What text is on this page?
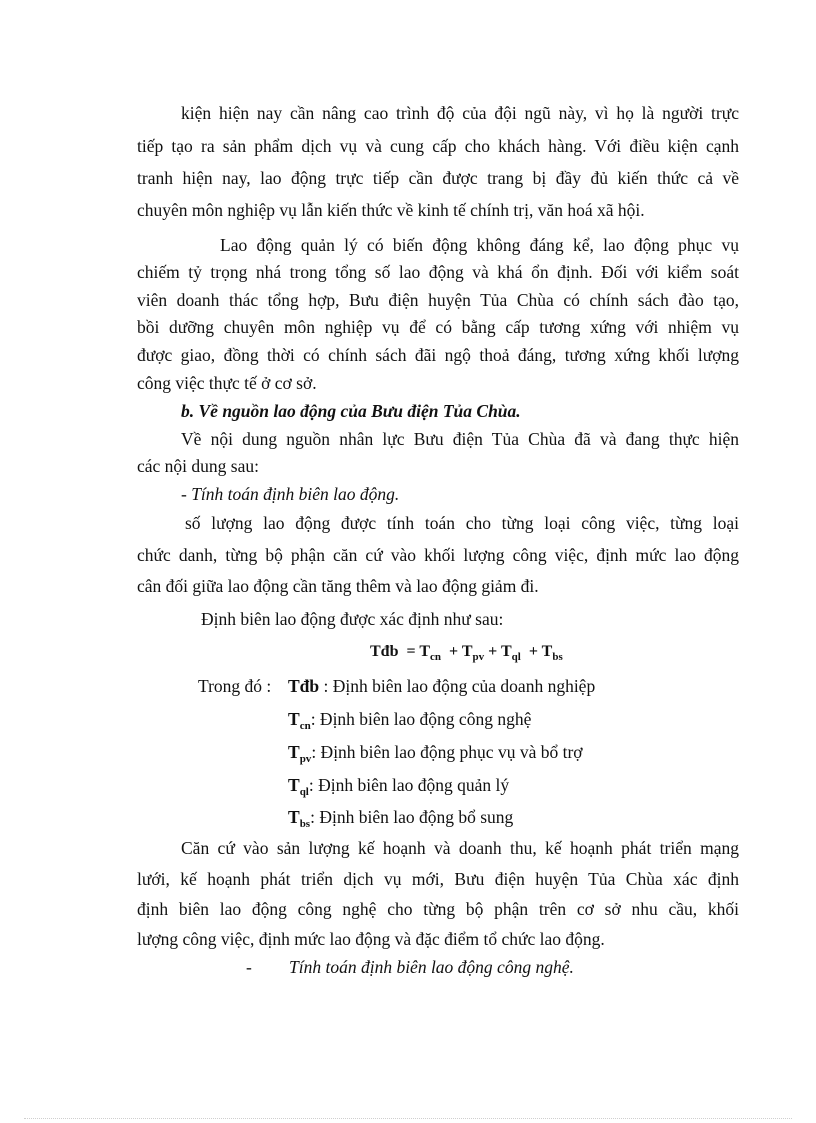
kiện hiện nay cần nâng cao trình độ của đội ngũ này, vì họ là người trực
tiếp tạo ra sản phẩm dịch vụ và cung cấp cho khách hàng. Với điều kiện cạnh
tranh hiện nay, lao động trực tiếp cần được trang bị đầy đủ kiến thức cả về
chuyên môn nghiệp vụ lẫn kiến thức về kinh tế chính trị, văn hoá xã hội.
Lao động quản lý có biến động không đáng kể, lao động phục vụ
chiếm tỷ trọng nhá trong tổng số lao động và khá ổn định. Đối với kiểm soát
viên doanh thác tổng hợp, Bưu điện huyện Tủa Chùa có chính sách đào tạo,
bồi dưỡng chuyên môn nghiệp vụ để có bằng cấp tương xứng với nhiệm vụ
được giao, đồng thời có chính sách đãi ngộ thoả đáng, tương xứng khối lượng
công việc thực tế ở cơ sở.
b. Về nguồn lao động của Bưu điện Tủa Chùa.
Về nội dung nguồn nhân lực Bưu điện Tủa Chùa đã và đang thực hiện
các nội dung sau:
- Tính toán định biên lao động.
số lượng lao động được tính toán cho từng loại công việc, từng loại
chức danh, từng bộ phận căn cứ vào khối lượng công việc, định mức lao động
cân đối giữa lao động cần tăng thêm và lao động giảm đi.
Định biên lao động được xác định như sau:
Tđb = $T_{cn} + T_{pv} + T_{ql} + T_{bs}$
Trong đó : Tđb : Định biên lao động của doanh nghiệp
$T_{cn}$: Định biên lao động công nghệ
$T_{pv}$: Định biên lao động phục vụ và bổ trợ
$T_{ql}$: Định biên lao động quản lý
$T_{bs}$: Định biên lao động bổ sung
Căn cứ vào sản lượng kế hoạnh và doanh thu, kế hoạnh phát triển mạng
lưới, kế hoạnh phát triển dịch vụ mới, Bưu điện huyện Tủa Chùa xác định
định biên lao động công nghệ cho từng bộ phận trên cơ sở nhu cầu, khối
lượng công việc, định mức lao động và đặc điểm tổ chức lao động.
- Tính toán định biên lao động công nghệ.
